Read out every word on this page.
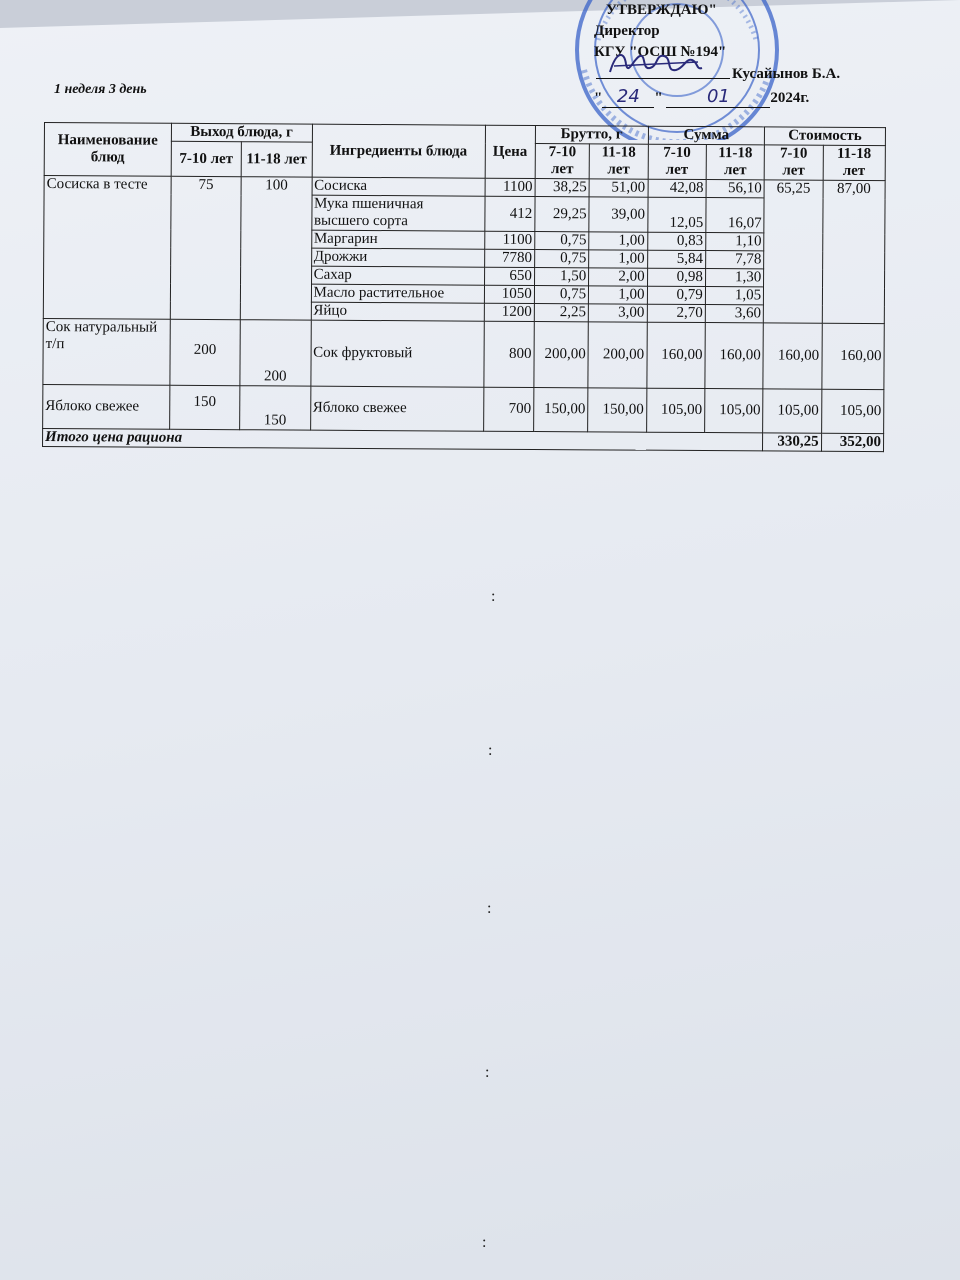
УТВЕРЖДАЮ"
Директор
КГУ "ОСШ №194"
Кусайынов Б.А.
" 24 " 01	2024г.
1 неделя 3 день
Наименование блюд	Выход блюда, г		Ингредиенты блюда	Цена	Брутто, г		Сумма		Стоимость	
	7-10 лет	11-18 лет			7-10 лет	11-18 лет	7-10 лет	11-18 лет	7-10 лет	11-18 лет
Сосиска в тесте	75	100	Сосиска	1100	38,25	51,00	42,08	56,10	65,25	87,00
			Мука пшеничная высшего сорта	412	29,25	39,00	12,05	16,07		
			Маргарин	1100	0,75	1,00	0,83	1,10		
			Дрожжи	7780	0,75	1,00	5,84	7,78		
			Сахар	650	1,50	2,00	0,98	1,30		
			Масло растительное	1050	0,75	1,00	0,79	1,05		
			Яйцо	1200	2,25	3,00	2,70	3,60		
Сок натуральный т/п	200	200	Сок фруктовый	800	200,00	200,00	160,00	160,00	160,00	160,00
Яблоко свежее	150	150	Яблоко свежее	700	150,00	150,00	105,00	105,00	105,00	105,00
Итого цена рациона									330,25	352,00
:
:
:
:
:
